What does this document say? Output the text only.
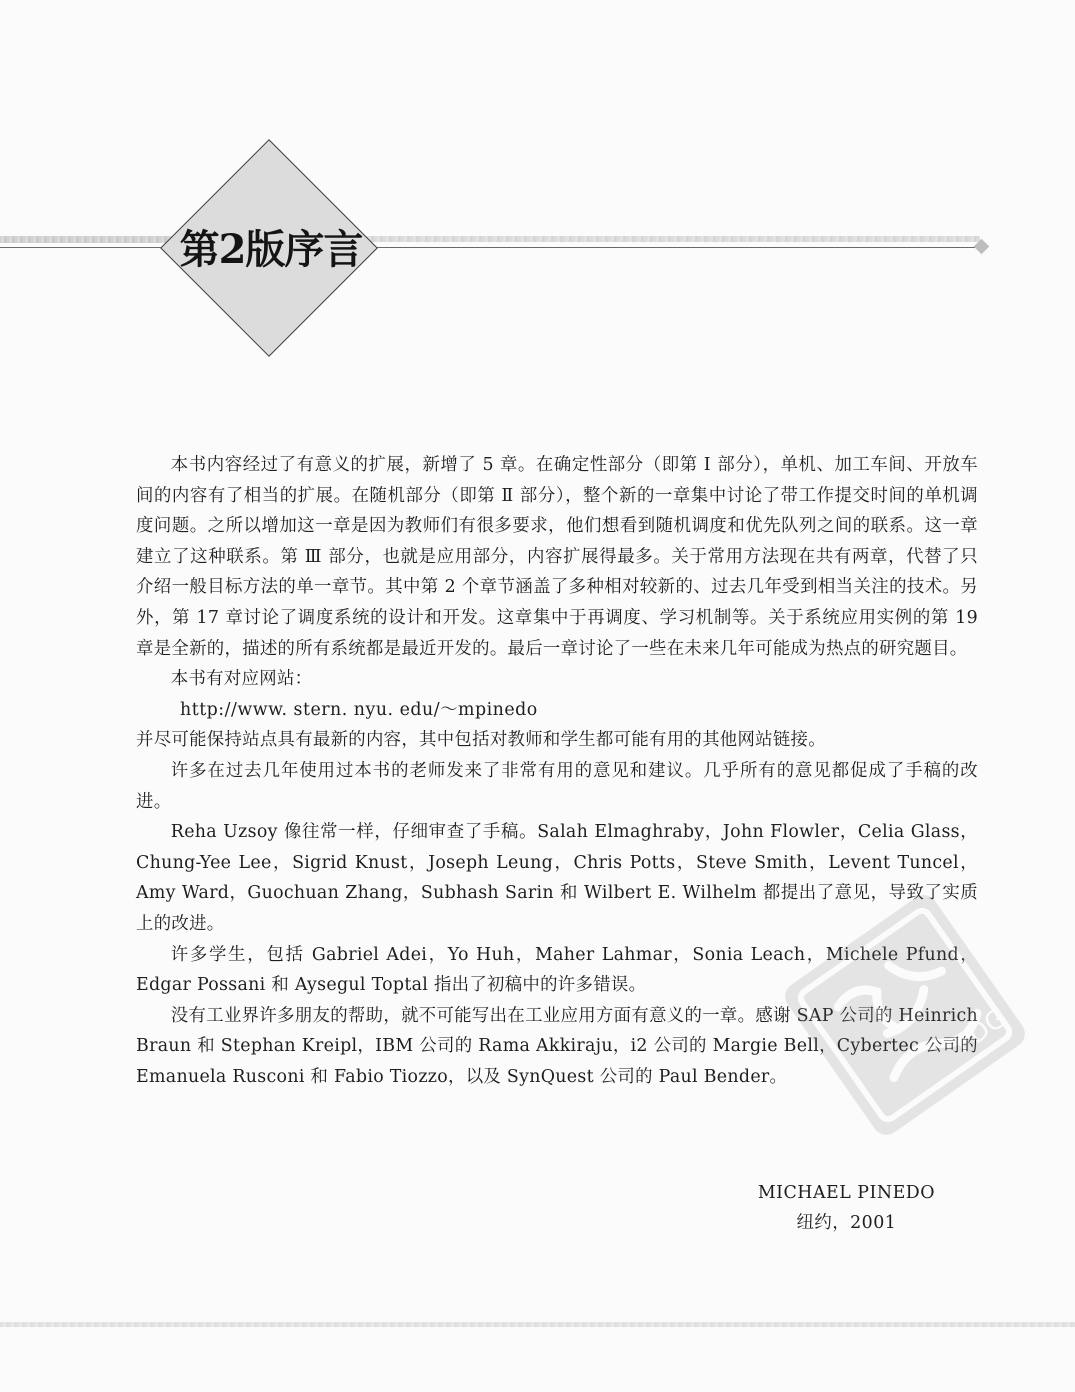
第2版序言

本书内容经过了有意义的扩展，新增了 5 章。在确定性部分（即第 Ⅰ 部分），单机、加工车间、开放车间的内容有了相当的扩展。在随机部分（即第 Ⅱ 部分），整个新的一章集中讨论了带工作提交时间的单机调度问题。之所以增加这一章是因为教师们有很多要求，他们想看到随机调度和优先队列之间的联系。这一章建立了这种联系。第 Ⅲ 部分，也就是应用部分，内容扩展得最多。关于常用方法现在共有两章，代替了只介绍一般目标方法的单一章节。其中第 2 个章节涵盖了多种相对较新的、过去几年受到相当关注的技术。另外，第 17 章讨论了调度系统的设计和开发。这章集中于再调度、学习机制等。关于系统应用实例的第 19 章是全新的，描述的所有系统都是最近开发的。最后一章讨论了一些在未来几年可能成为热点的研究题目。

本书有对应网站：

http://www. stern. nyu. edu/～mpinedo

并尽可能保持站点具有最新的内容，其中包括对教师和学生都可能有用的其他网站链接。

许多在过去几年使用过本书的老师发来了非常有用的意见和建议。几乎所有的意见都促成了手稿的改进。

Reha Uzsoy 像往常一样，仔细审查了手稿。Salah Elmaghraby，John Flowler，Celia Glass，Chung-Yee Lee，Sigrid Knust，Joseph Leung，Chris Potts，Steve Smith，Levent Tuncel，Amy Ward，Guochuan Zhang，Subhash Sarin 和 Wilbert E. Wilhelm 都提出了意见，导致了实质上的改进。

许多学生，包括 Gabriel Adei，Yo Huh，Maher Lahmar，Sonia Leach，Michele Pfund，Edgar Possani 和 Aysegul Toptal 指出了初稿中的许多错误。

没有工业界许多朋友的帮助，就不可能写出在工业应用方面有意义的一章。感谢 SAP 公司的 Heinrich Braun 和 Stephan Kreipl，IBM 公司的 Rama Akkiraju，i2 公司的 Margie Bell，Cybertec 公司的 Emanuela Rusconi 和 Fabio Tiozzo，以及 SynQuest 公司的 Paul Bender。

MICHAEL PINEDO
纽约，2001
PDG
